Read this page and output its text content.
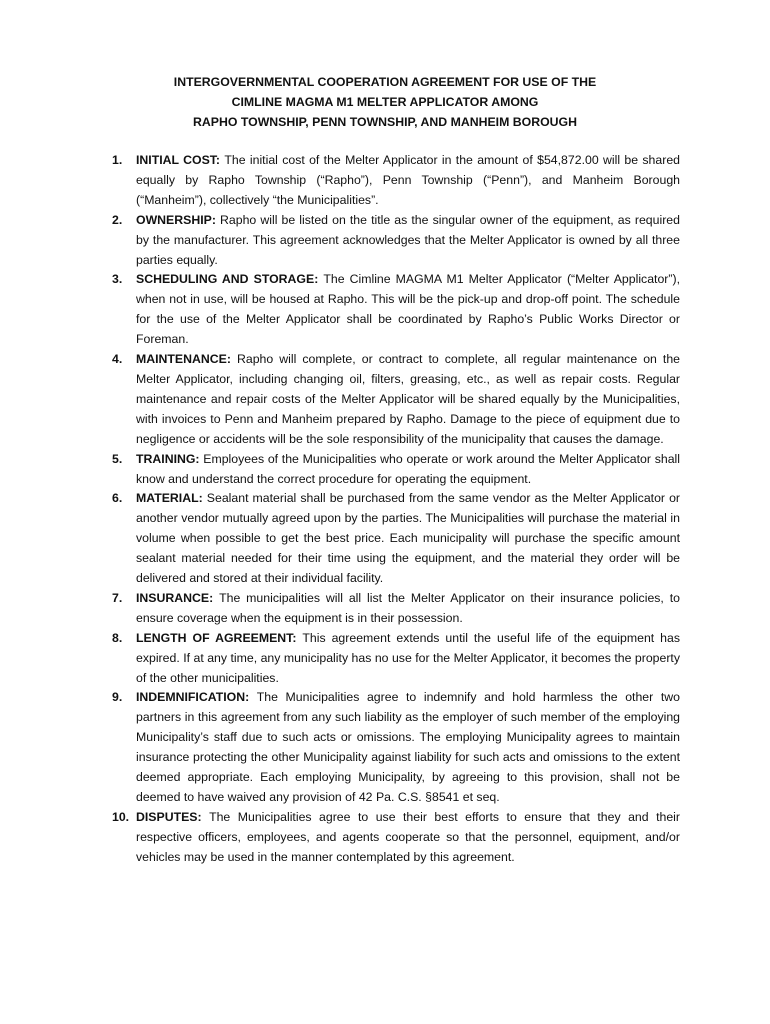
INTERGOVERNMENTAL COOPERATION AGREEMENT FOR USE OF THE
CIMLINE MAGMA M1 MELTER APPLICATOR AMONG
RAPHO TOWNSHIP, PENN TOWNSHIP, AND MANHEIM BOROUGH
1. INITIAL COST: The initial cost of the Melter Applicator in the amount of $54,872.00 will be shared equally by Rapho Township (“Rapho”), Penn Township (“Penn”), and Manheim Borough (“Manheim”), collectively “the Municipalities”.
2. OWNERSHIP: Rapho will be listed on the title as the singular owner of the equipment, as required by the manufacturer. This agreement acknowledges that the Melter Applicator is owned by all three parties equally.
3. SCHEDULING AND STORAGE: The Cimline MAGMA M1 Melter Applicator (“Melter Applicator”), when not in use, will be housed at Rapho. This will be the pick-up and drop-off point. The schedule for the use of the Melter Applicator shall be coordinated by Rapho’s Public Works Director or Foreman.
4. MAINTENANCE: Rapho will complete, or contract to complete, all regular maintenance on the Melter Applicator, including changing oil, filters, greasing, etc., as well as repair costs. Regular maintenance and repair costs of the Melter Applicator will be shared equally by the Municipalities, with invoices to Penn and Manheim prepared by Rapho. Damage to the piece of equipment due to negligence or accidents will be the sole responsibility of the municipality that causes the damage.
5. TRAINING: Employees of the Municipalities who operate or work around the Melter Applicator shall know and understand the correct procedure for operating the equipment.
6. MATERIAL: Sealant material shall be purchased from the same vendor as the Melter Applicator or another vendor mutually agreed upon by the parties. The Municipalities will purchase the material in volume when possible to get the best price. Each municipality will purchase the specific amount sealant material needed for their time using the equipment, and the material they order will be delivered and stored at their individual facility.
7. INSURANCE: The municipalities will all list the Melter Applicator on their insurance policies, to ensure coverage when the equipment is in their possession.
8. LENGTH OF AGREEMENT: This agreement extends until the useful life of the equipment has expired. If at any time, any municipality has no use for the Melter Applicator, it becomes the property of the other municipalities.
9. INDEMNIFICATION: The Municipalities agree to indemnify and hold harmless the other two partners in this agreement from any such liability as the employer of such member of the employing Municipality’s staff due to such acts or omissions. The employing Municipality agrees to maintain insurance protecting the other Municipality against liability for such acts and omissions to the extent deemed appropriate. Each employing Municipality, by agreeing to this provision, shall not be deemed to have waived any provision of 42 Pa. C.S. §8541 et seq.
10. DISPUTES: The Municipalities agree to use their best efforts to ensure that they and their respective officers, employees, and agents cooperate so that the personnel, equipment, and/or vehicles may be used in the manner contemplated by this agreement.
